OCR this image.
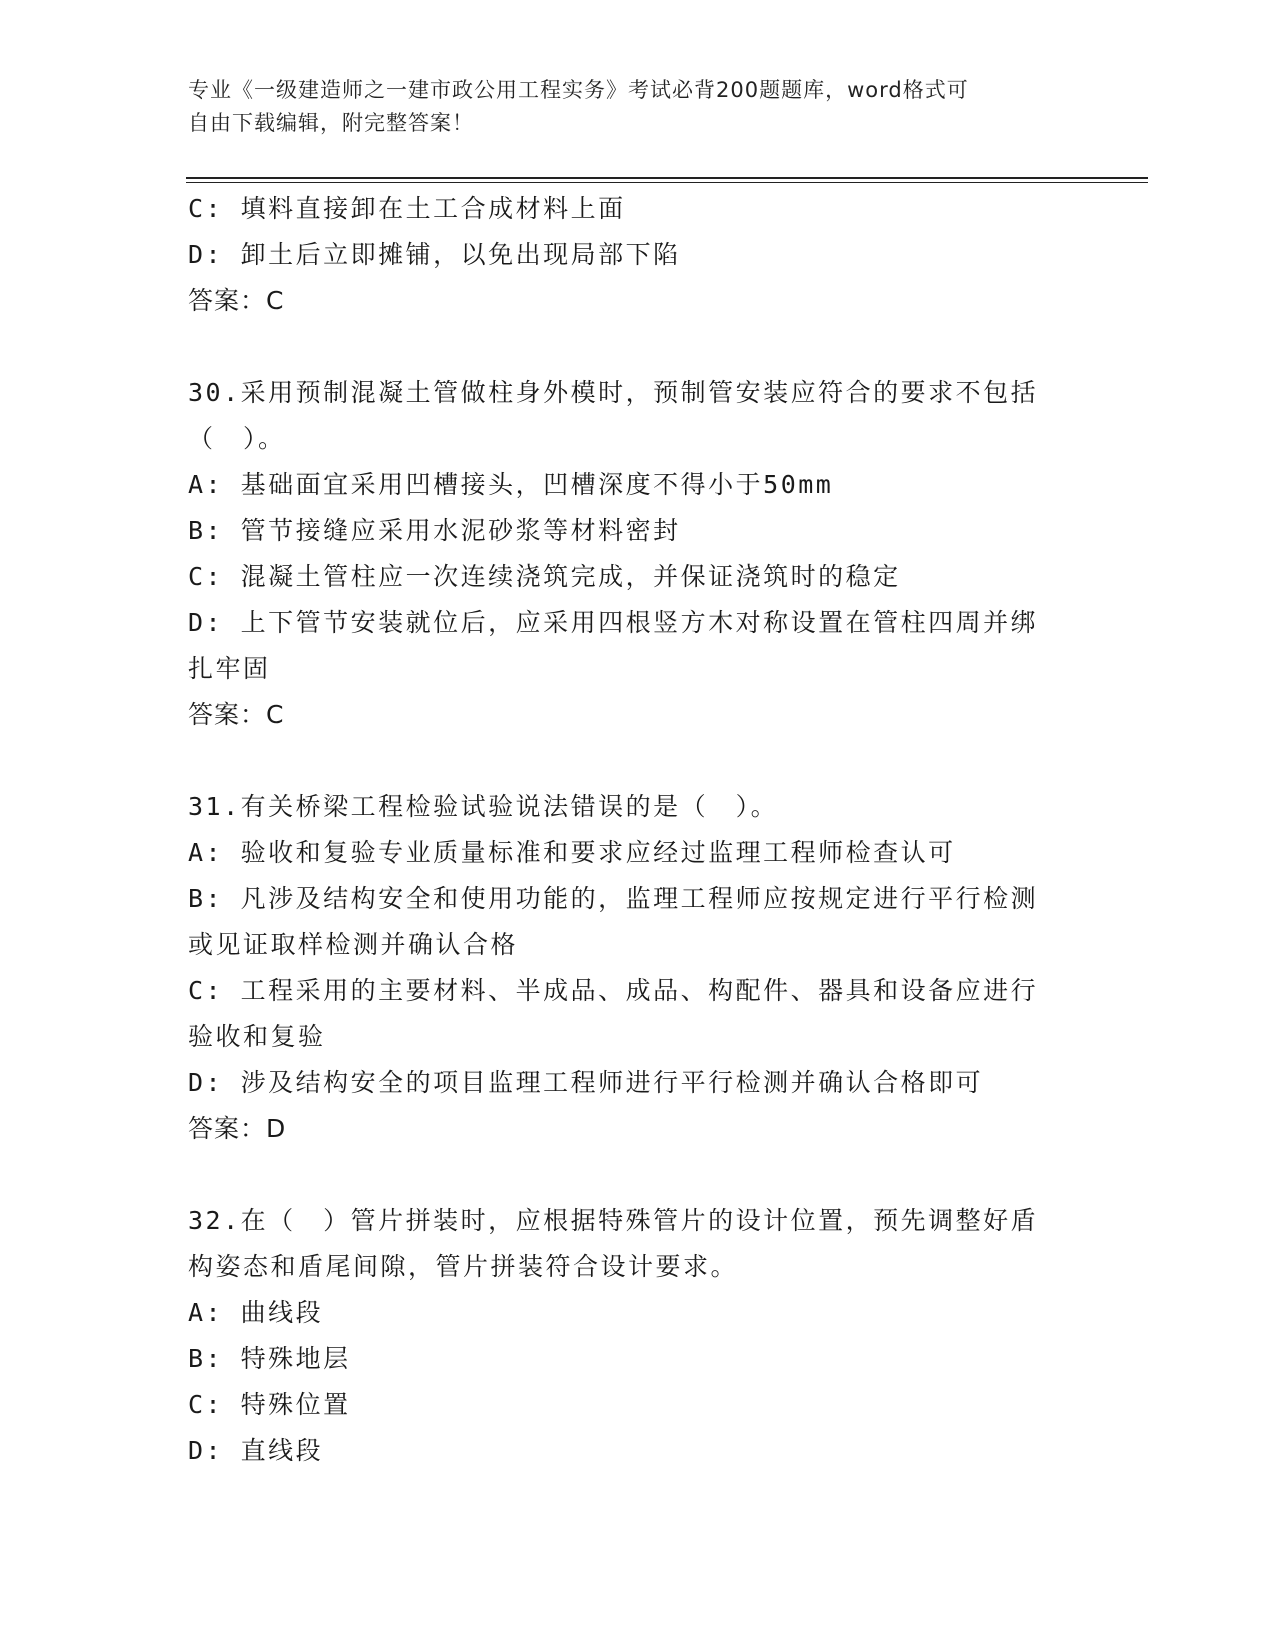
专业《一级建造师之一建市政公用工程实务》考试必背200题题库，word格式可
自由下载编辑，附完整答案！

C: 填料直接卸在土工合成材料上面

D: 卸土后立即摊铺，以免出现局部下陷

答案：C

30.采用预制混凝土管做柱身外模时，预制管安装应符合的要求不包括

（　）。

A: 基础面宜采用凹槽接头，凹槽深度不得小于50mm

B: 管节接缝应采用水泥砂浆等材料密封

C: 混凝土管柱应一次连续浇筑完成，并保证浇筑时的稳定

D: 上下管节安装就位后，应采用四根竖方木对称设置在管柱四周并绑

扎牢固

答案：C

31.有关桥梁工程检验试验说法错误的是（　）。

A: 验收和复验专业质量标准和要求应经过监理工程师检查认可

B: 凡涉及结构安全和使用功能的，监理工程师应按规定进行平行检测

或见证取样检测并确认合格

C: 工程采用的主要材料、半成品、成品、构配件、器具和设备应进行

验收和复验

D: 涉及结构安全的项目监理工程师进行平行检测并确认合格即可

答案：D

32.在（　）管片拼装时，应根据特殊管片的设计位置，预先调整好盾

构姿态和盾尾间隙，管片拼装符合设计要求。

A: 曲线段

B: 特殊地层

C: 特殊位置

D: 直线段
